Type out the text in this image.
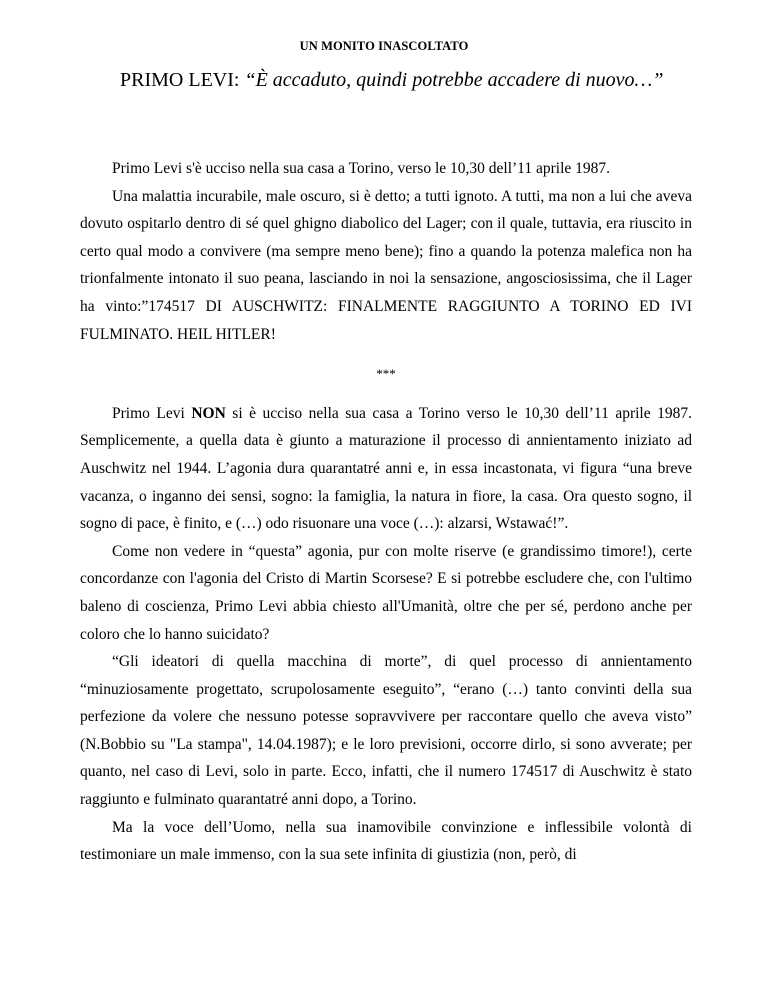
UN MONITO INASCOLTATO
PRIMO LEVI: “È accaduto, quindi potrebbe accadere di nuovo…”

Primo Levi s'è ucciso nella sua casa a Torino, verso le 10,30 dell’11 aprile 1987.

Una malattia incurabile, male oscuro, si è detto; a tutti ignoto. A tutti, ma non a lui che aveva dovuto ospitarlo dentro di sé quel ghigno diabolico del Lager; con il quale, tuttavia, era riuscito in certo qual modo a convivere (ma sempre meno bene); fino a quando la potenza malefica non ha trionfalmente intonato il suo peana, lasciando in noi la sensazione, angosciosissima, che il Lager ha vinto:”174517 DI AUSCHWITZ: FINALMENTE RAGGIUNTO A TORINO ED IVI FULMINATO. HEIL HITLER!

***

Primo Levi NON si è ucciso nella sua casa a Torino verso le 10,30 dell’11 aprile 1987. Semplicemente, a quella data è giunto a maturazione il processo di annientamento iniziato ad Auschwitz nel 1944. L’agonia dura quarantatré anni e, in essa incastonata, vi figura “una breve vacanza, o inganno dei sensi, sogno: la famiglia, la natura in fiore, la casa. Ora questo sogno, il sogno di pace, è finito, e (…) odo risuonare una voce (…): alzarsi, Wstawać!”.

Come non vedere in “questa” agonia, pur con molte riserve (e grandissimo timore!), certe concordanze con l'agonia del Cristo di Martin Scorsese? E si potrebbe escludere che, con l'ultimo baleno di coscienza, Primo Levi abbia chiesto all'Umanità, oltre che per sé, perdono anche per coloro che lo hanno suicidato?

“Gli ideatori di quella macchina di morte”, di quel processo di annientamento “minuziosamente progettato, scrupolosamente eseguito”, “erano (…) tanto convinti della sua perfezione da volere che nessuno potesse sopravvivere per raccontare quello che aveva visto” (N.Bobbio su "La stampa", 14.04.1987); e le loro previsioni, occorre dirlo, si sono avverate; per quanto, nel caso di Levi, solo in parte. Ecco, infatti, che il numero 174517 di Auschwitz è stato raggiunto e fulminato quarantatré anni dopo, a Torino.

Ma la voce dell’Uomo, nella sua inamovibile convinzione e inflessibile volontà di testimoniare un male immenso, con la sua sete infinita di giustizia (non, però, di
